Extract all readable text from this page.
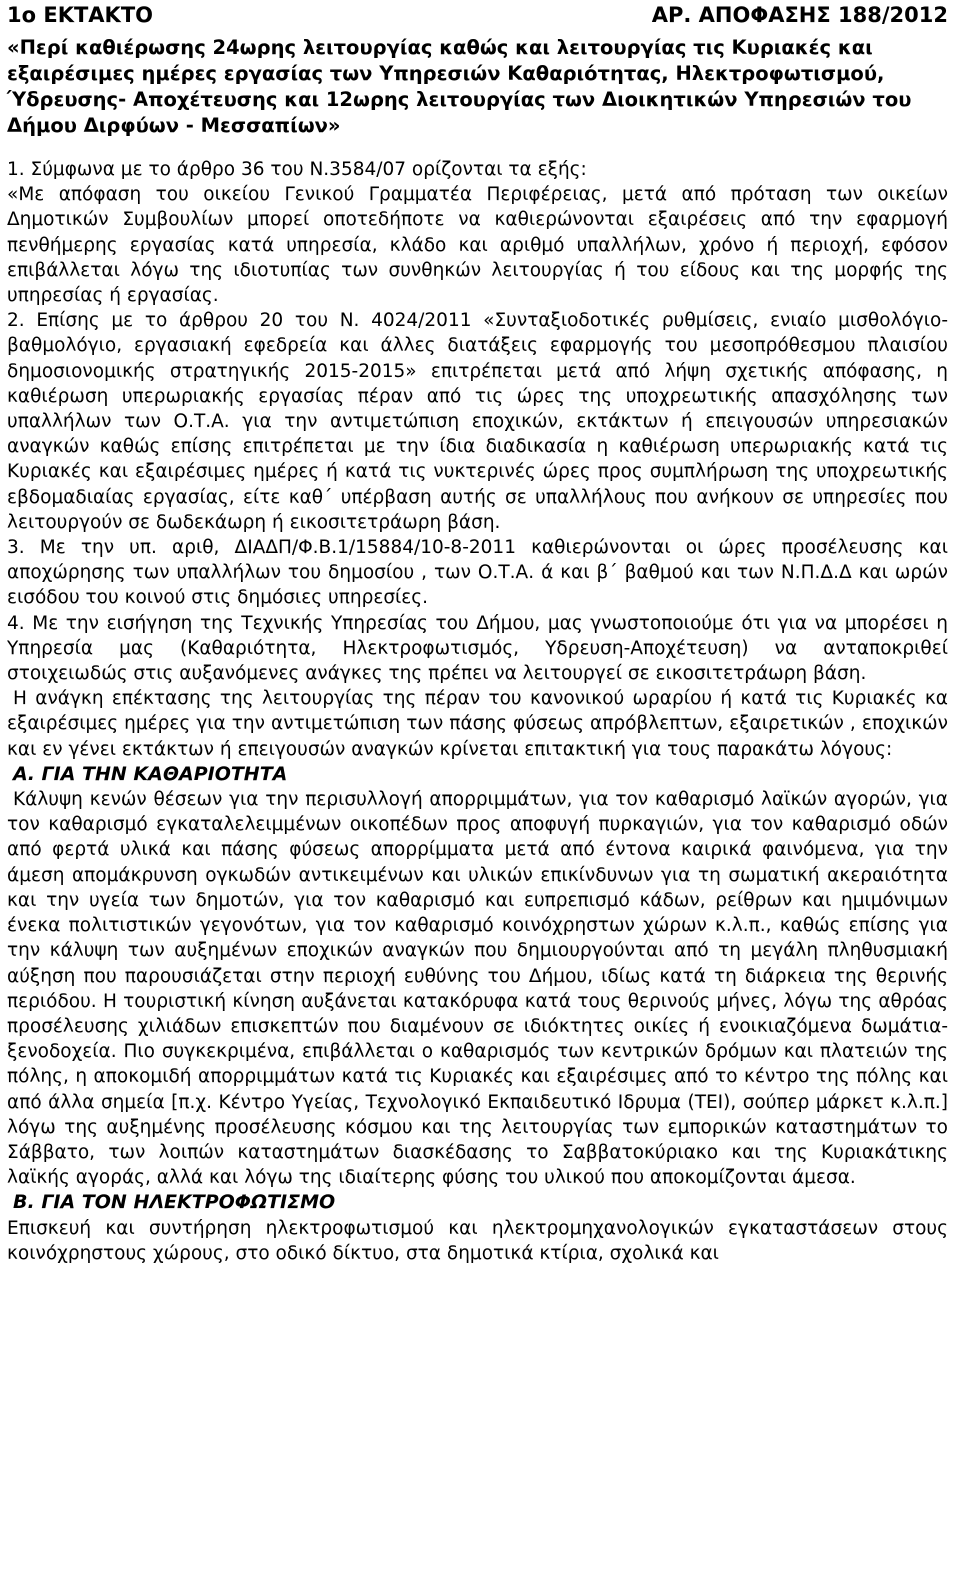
1ο ΕΚΤΑΚΤΟ	ΑΡ. ΑΠΟΦΑΣΗΣ 188/2012
«Περί καθιέρωσης 24ωρης λειτουργίας καθώς και λειτουργίας τις Κυριακές και εξαιρέσιμες ημέρες εργασίας των Υπηρεσιών Καθαριότητας, Ηλεκτροφωτισμού, Ύδρευσης- Αποχέτευσης και 12ωρης λειτουργίας των Διοικητικών Υπηρεσιών του Δήμου Διρφύων - Μεσσαπίων»

1. Σύμφωνα με το άρθρο 36 του Ν.3584/07 ορίζονται τα εξής:

«Με απόφαση του οικείου Γενικού Γραμματέα Περιφέρειας, μετά από πρόταση των οικείων Δημοτικών Συμβουλίων μπορεί οποτεδήποτε να καθιερώνονται εξαιρέσεις από την εφαρμογή πενθήμερης εργασίας κατά υπηρεσία, κλάδο και αριθμό υπαλλήλων, χρόνο ή περιοχή, εφόσον επιβάλλεται λόγω της ιδιοτυπίας των συνθηκών λειτουργίας ή του είδους και της μορφής της υπηρεσίας ή εργασίας.

2. Επίσης με το άρθρου 20 του Ν. 4024/2011 «Συνταξιοδοτικές ρυθμίσεις, ενιαίο μισθολόγιο-βαθμολόγιο, εργασιακή εφεδρεία και άλλες διατάξεις εφαρμογής του μεσοπρόθεσμου πλαισίου δημοσιονομικής στρατηγικής 2015-2015» επιτρέπεται μετά από λήψη σχετικής απόφασης, η καθιέρωση υπερωριακής εργασίας πέραν από τις ώρες της υποχρεωτικής απασχόλησης των υπαλλήλων των Ο.Τ.Α. για την αντιμετώπιση εποχικών, εκτάκτων ή επειγουσών υπηρεσιακών αναγκών καθώς επίσης επιτρέπεται με την ίδια διαδικασία η καθιέρωση υπερωριακής κατά τις Κυριακές και εξαιρέσιμες ημέρες ή κατά τις νυκτερινές ώρες προς συμπλήρωση της υποχρεωτικής εβδομαδιαίας εργασίας, είτε καθ΄ υπέρβαση αυτής σε υπαλλήλους που ανήκουν σε υπηρεσίες που λειτουργούν σε δωδεκάωρη ή εικοσιτετράωρη βάση.

3. Με την υπ. αριθ, ΔΙΑΔΠ/Φ.Β.1/15884/10-8-2011 καθιερώνονται οι ώρες προσέλευσης και αποχώρησης των υπαλλήλων του δημοσίου , των Ο.Τ.Α. ά και β΄ βαθμού και των Ν.Π.Δ.Δ και ωρών εισόδου του κοινού στις δημόσιες υπηρεσίες.

4. Με την εισήγηση της Τεχνικής Υπηρεσίας του Δήμου, μας γνωστοποιούμε ότι για να μπορέσει η Υπηρεσία μας (Καθαριότητα, Ηλεκτροφωτισμός, Υδρευση-Αποχέτευση) να ανταποκριθεί στοιχειωδώς στις αυξανόμενες ανάγκες της πρέπει να λειτουργεί σε εικοσιτετράωρη βάση.

Η ανάγκη επέκτασης της λειτουργίας της πέραν του κανονικού ωραρίου ή κατά τις Κυριακές κα εξαιρέσιμες ημέρες για την αντιμετώπιση των πάσης φύσεως απρόβλεπτων, εξαιρετικών , εποχικών και εν γένει εκτάκτων ή επειγουσών αναγκών κρίνεται επιτακτική για τους παρακάτω λόγους:

Α. ΓΙΑ ΤΗΝ ΚΑΘΑΡΙΟΤΗΤΑ

Κάλυψη κενών θέσεων για την περισυλλογή απορριμμάτων, για τον καθαρισμό λαϊκών αγορών, για τον καθαρισμό εγκαταλελειμμένων οικοπέδων προς αποφυγή πυρκαγιών, για τον καθαρισμό οδών από φερτά υλικά και πάσης φύσεως απορρίμματα μετά από έντονα καιρικά φαινόμενα, για την άμεση απομάκρυνση ογκωδών αντικειμένων και υλικών επικίνδυνων για τη σωματική ακεραιότητα και την υγεία των δημοτών, για τον καθαρισμό και ευπρεπισμό κάδων, ρείθρων και ημιμόνιμων ένεκα πολιτιστικών γεγονότων, για τον καθαρισμό κοινόχρηστων χώρων κ.λ.π., καθώς επίσης για την κάλυψη των αυξημένων εποχικών αναγκών που δημιουργούνται από τη μεγάλη πληθυσμιακή αύξηση που παρουσιάζεται στην περιοχή ευθύνης του Δήμου, ιδίως κατά τη διάρκεια της θερινής περιόδου. Η τουριστική κίνηση αυξάνεται κατακόρυφα κατά τους θερινούς μήνες, λόγω της αθρόας προσέλευσης χιλιάδων επισκεπτών που διαμένουν σε ιδιόκτητες οικίες ή ενοικιαζόμενα δωμάτια-ξενοδοχεία. Πιο συγκεκριμένα, επιβάλλεται ο καθαρισμός των κεντρικών δρόμων και πλατειών της πόλης, η αποκομιδή απορριμμάτων κατά τις Κυριακές και εξαιρέσιμες από το κέντρο της πόλης και από άλλα σημεία [π.χ. Κέντρο Υγείας, Τεχνολογικό Εκπαιδευτικό Ιδρυμα (ΤΕΙ), σούπερ μάρκετ κ.λ.π.] λόγω της αυξημένης προσέλευσης κόσμου και της λειτουργίας των εμπορικών καταστημάτων το Σάββατο, των λοιπών καταστημάτων διασκέδασης το Σαββατοκύριακο και της Κυριακάτικης λαϊκής αγοράς, αλλά και λόγω της ιδιαίτερης φύσης του υλικού που αποκομίζονται άμεσα.

Β. ΓΙΑ ΤΟΝ ΗΛΕΚΤΡΟΦΩΤΙΣΜΟ

Επισκευή και συντήρηση ηλεκτροφωτισμού και ηλεκτρομηχανολογικών εγκαταστάσεων στους κοινόχρηστους χώρους, στο οδικό δίκτυο, στα δημοτικά κτίρια, σχολικά και
